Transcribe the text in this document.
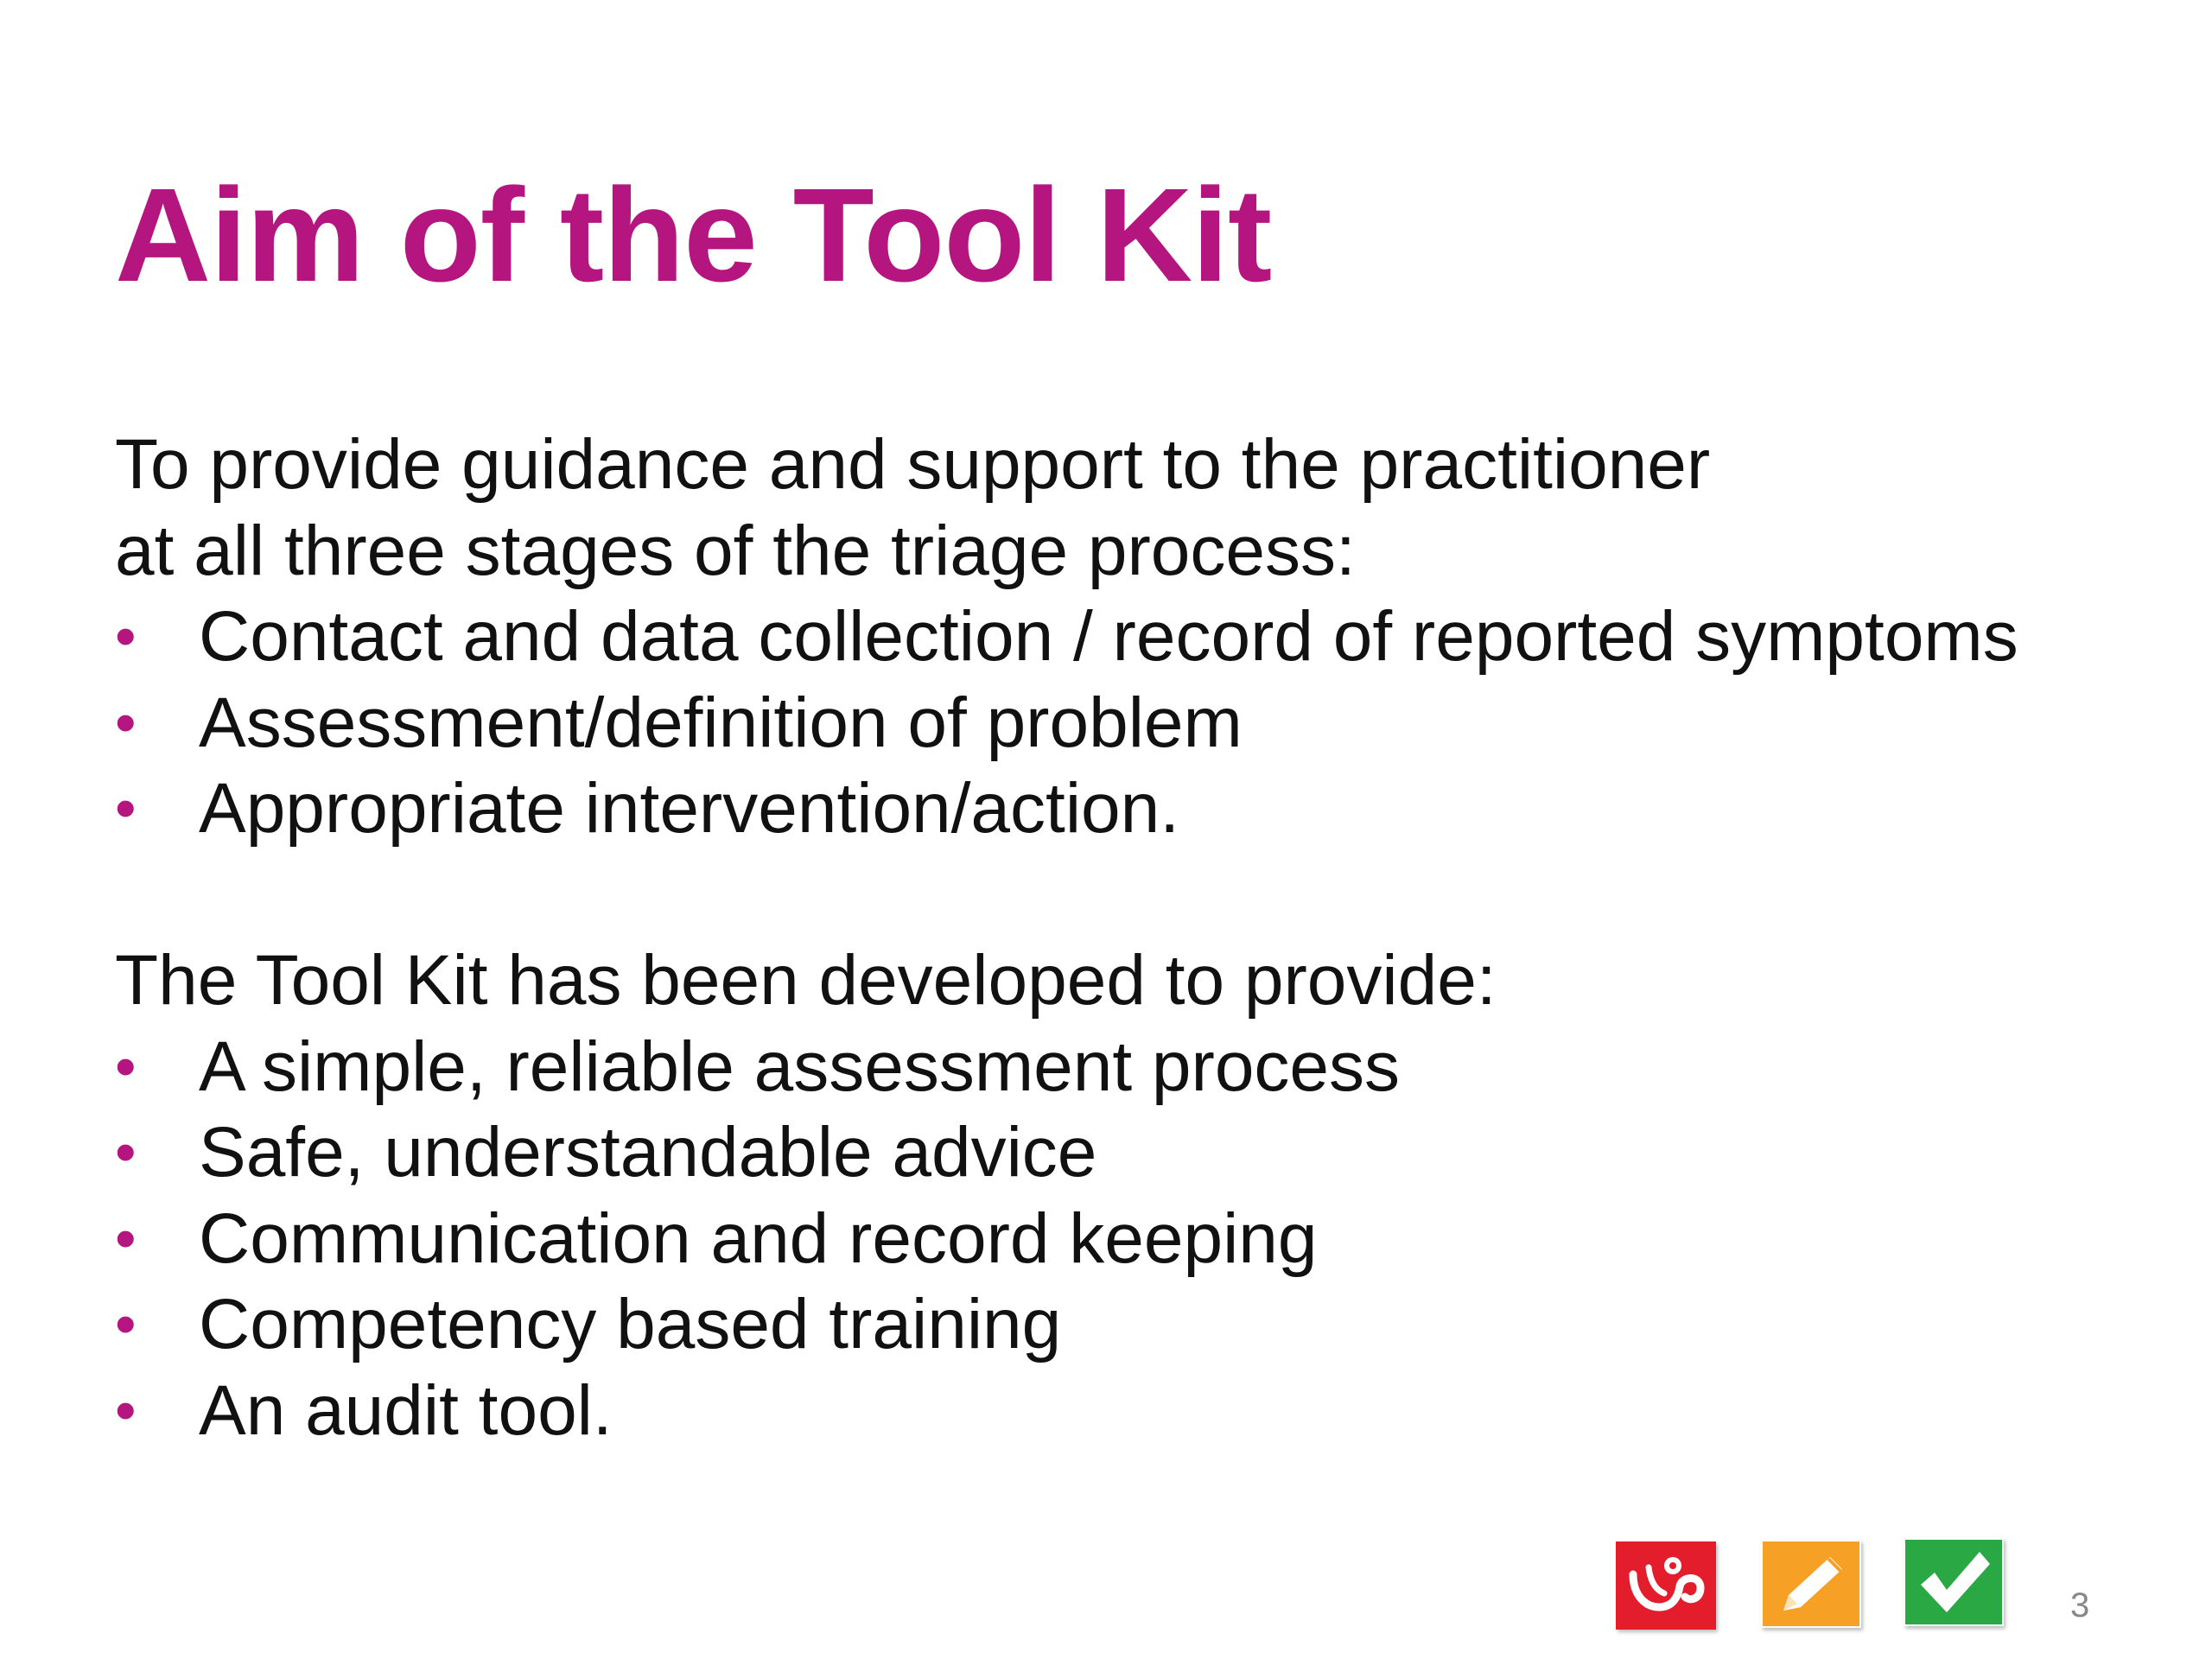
Aim of the Tool Kit
To provide guidance and support to the practitioner
at all three stages of the triage process:
• Contact and data collection / record of reported symptoms
• Assessment/definition of problem
• Appropriate intervention/action.
The Tool Kit has been developed to provide:
• A simple, reliable assessment process
• Safe, understandable advice
• Communication and record keeping
• Competency based training
• An audit tool.
3
